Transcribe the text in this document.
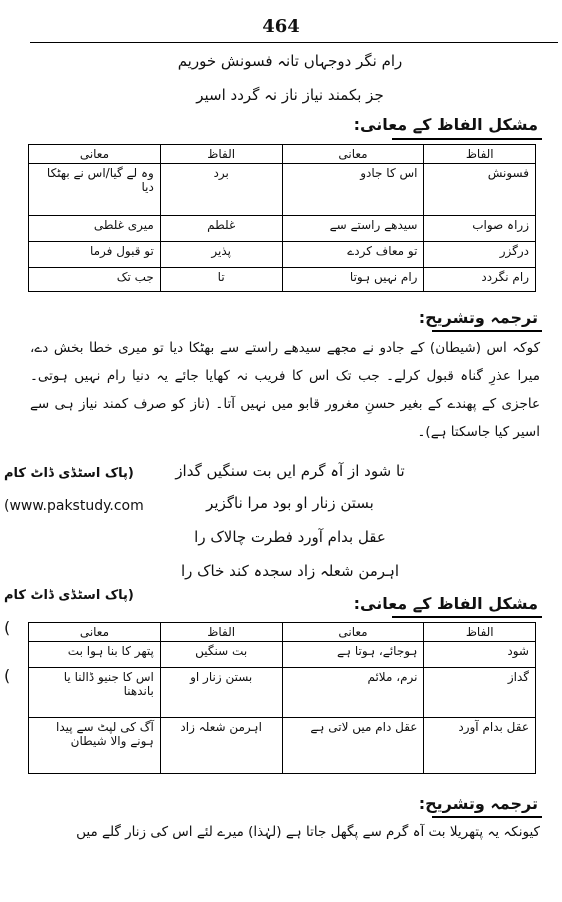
464
رام نگر دوجہاں تانہ فسونش خوریم
جز بکمند نیاز ناز نہ گردد اسیر
مشکل الفاظ کے معانی:
الفاظ	معانی	الفاظ	معانی
فسونش	اس کا جادو	برد	وہ لے گیا/اس نے بھٹکا دیا
زراہ صواب	سیدھے راستے سے	غلطم	میری غلطی
درگزر	تو معاف کردے	پذیر	تو قبول فرما
رام نگردد	رام نہیں ہوتا	تا	جب تک
ترجمہ وتشریح:
کوکہ اس (شیطان) کے جادو نے مجھے سیدھے راستے سے بھٹکا دیا تو میری خطا بخش دے، میرا عذرِ گناہ قبول کرلے۔ جب تک اس کا فریب نہ کھایا جائے یہ دنیا رام نہیں ہوتی۔ عاجزی کے پھندے کے بغیر حسنِ مغرور قابو میں نہیں آتا۔ (ناز کو صرف کمند نیاز ہی سے اسیر کیا جاسکتا ہے)۔
تا شود از آہ گرم ایں بت سنگیں گداز
بستن زنار او بود مرا ناگزیر
عقل بدام آورد فطرت چالاک را
اہرمن شعلہ زاد سجدہ کند خاک را
(پاک اسٹڈی ڈاٹ کام
(www.pakstudy.com
(پاک اسٹڈی ڈاٹ کام	مشکل الفاظ کے معانی:
(
(
الفاظ	معانی	الفاظ	معانی
شود	ہوجائے، ہوتا ہے	بت سنگیں	پتھر کا بنا ہوا بت
گداز	نرم، ملائم	بستن زنار او	اس کا جنیو ڈالنا یا باندھنا
عقل بدام آورد	عقل دام میں لاتی ہے	اہرمن شعلہ زاد	آگ کی لپٹ سے پیدا ہونے والا شیطان
ترجمہ وتشریح:
کیونکہ یہ پتھریلا بت آہ گرم سے پگھل جاتا ہے (لہٰذا) میرے لئے اس کی زنار گلے میں
